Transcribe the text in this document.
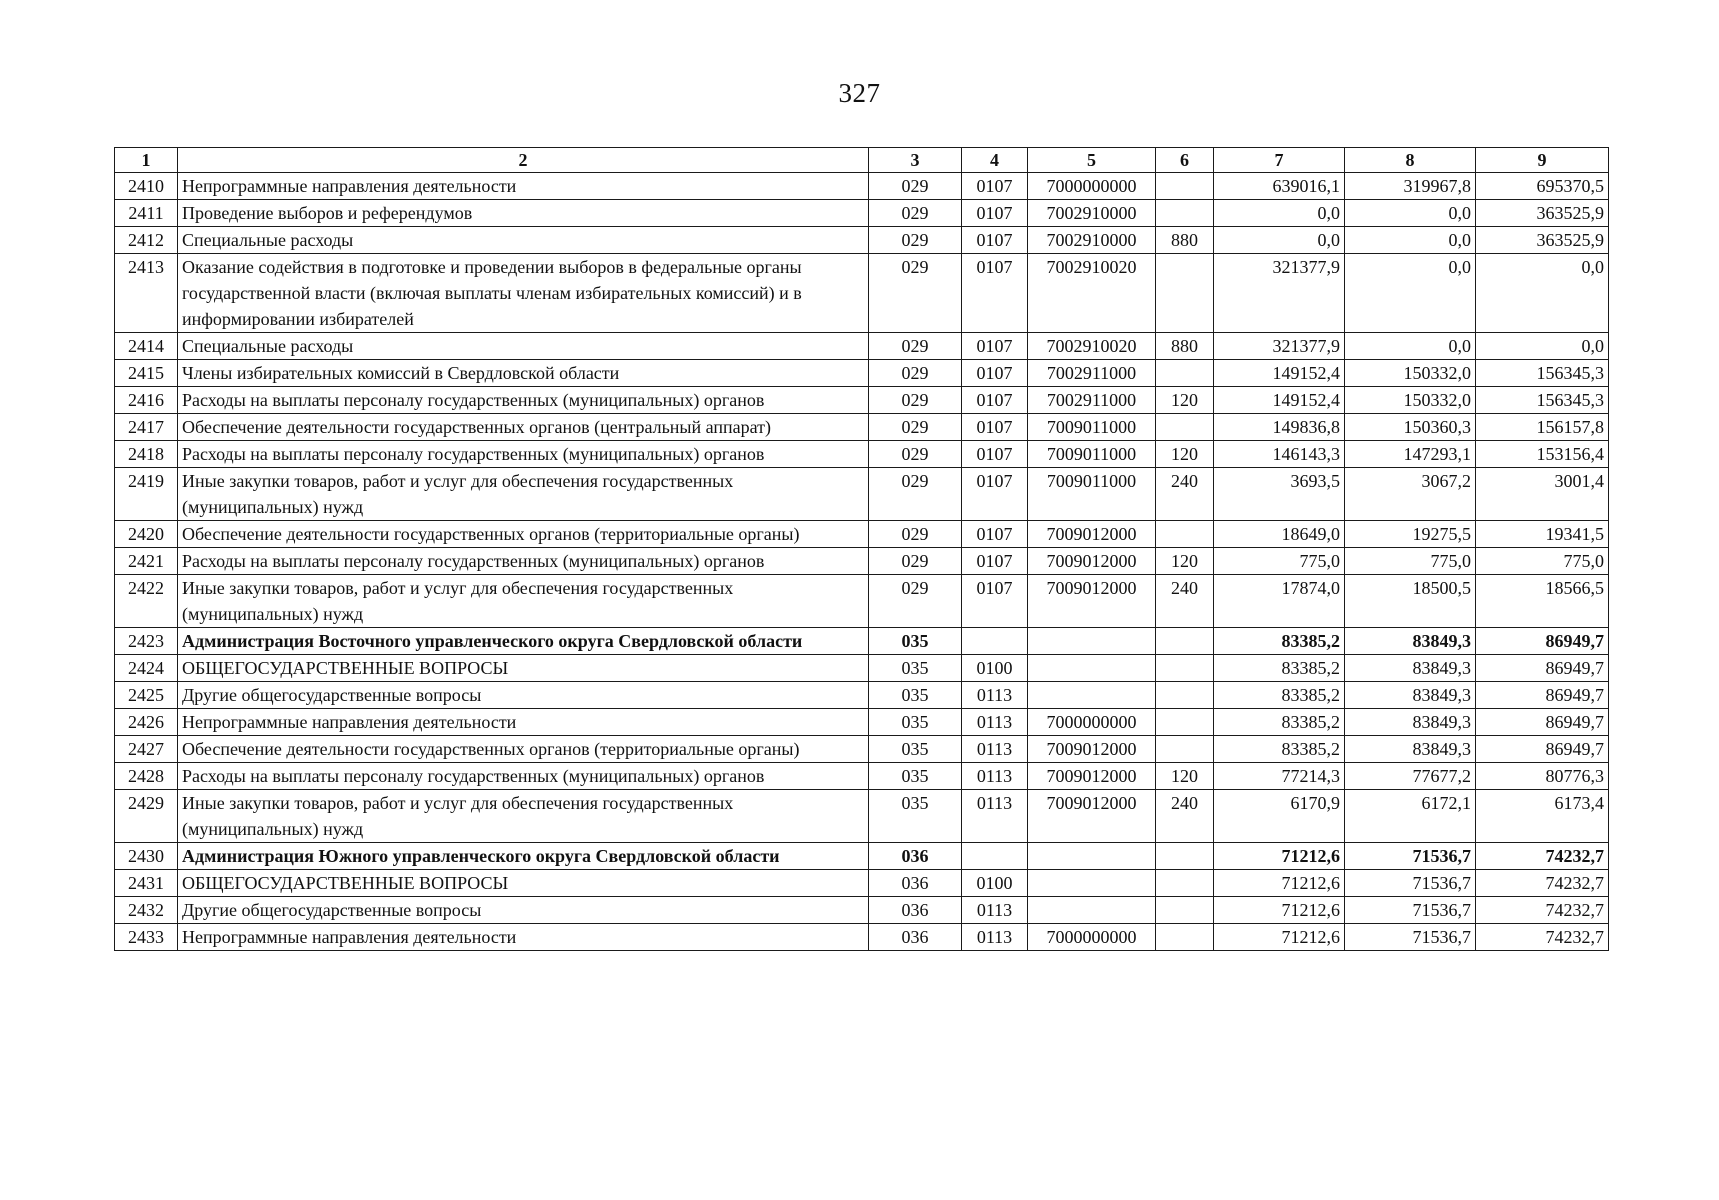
327
1	2	3	4	5	6	7	8	9
2410	Непрограммные направления деятельности	029	0107	7000000000		639016,1	319967,8	695370,5
2411	Проведение выборов и референдумов	029	0107	7002910000		0,0	0,0	363525,9
2412	Специальные расходы	029	0107	7002910000	880	0,0	0,0	363525,9
2413	Оказание содействия в подготовке и проведении выборов в федеральные органы государственной власти (включая выплаты членам избирательных комиссий) и в информировании избирателей	029	0107	7002910020		321377,9	0,0	0,0
2414	Специальные расходы	029	0107	7002910020	880	321377,9	0,0	0,0
2415	Члены избирательных комиссий в Свердловской области	029	0107	7002911000		149152,4	150332,0	156345,3
2416	Расходы на выплаты персоналу государственных (муниципальных) органов	029	0107	7002911000	120	149152,4	150332,0	156345,3
2417	Обеспечение деятельности государственных органов (центральный аппарат)	029	0107	7009011000		149836,8	150360,3	156157,8
2418	Расходы на выплаты персоналу государственных (муниципальных) органов	029	0107	7009011000	120	146143,3	147293,1	153156,4
2419	Иные закупки товаров, работ и услуг для обеспечения государственных (муниципальных) нужд	029	0107	7009011000	240	3693,5	3067,2	3001,4
2420	Обеспечение деятельности государственных органов (территориальные органы)	029	0107	7009012000		18649,0	19275,5	19341,5
2421	Расходы на выплаты персоналу государственных (муниципальных) органов	029	0107	7009012000	120	775,0	775,0	775,0
2422	Иные закупки товаров, работ и услуг для обеспечения государственных (муниципальных) нужд	029	0107	7009012000	240	17874,0	18500,5	18566,5
2423	Администрация Восточного управленческого округа Свердловской области	035				83385,2	83849,3	86949,7
2424	ОБЩЕГОСУДАРСТВЕННЫЕ ВОПРОСЫ	035	0100			83385,2	83849,3	86949,7
2425	Другие общегосударственные вопросы	035	0113			83385,2	83849,3	86949,7
2426	Непрограммные направления деятельности	035	0113	7000000000		83385,2	83849,3	86949,7
2427	Обеспечение деятельности государственных органов (территориальные органы)	035	0113	7009012000		83385,2	83849,3	86949,7
2428	Расходы на выплаты персоналу государственных (муниципальных) органов	035	0113	7009012000	120	77214,3	77677,2	80776,3
2429	Иные закупки товаров, работ и услуг для обеспечения государственных (муниципальных) нужд	035	0113	7009012000	240	6170,9	6172,1	6173,4
2430	Администрация Южного управленческого округа Свердловской области	036				71212,6	71536,7	74232,7
2431	ОБЩЕГОСУДАРСТВЕННЫЕ ВОПРОСЫ	036	0100			71212,6	71536,7	74232,7
2432	Другие общегосударственные вопросы	036	0113			71212,6	71536,7	74232,7
2433	Непрограммные направления деятельности	036	0113	7000000000		71212,6	71536,7	74232,7
